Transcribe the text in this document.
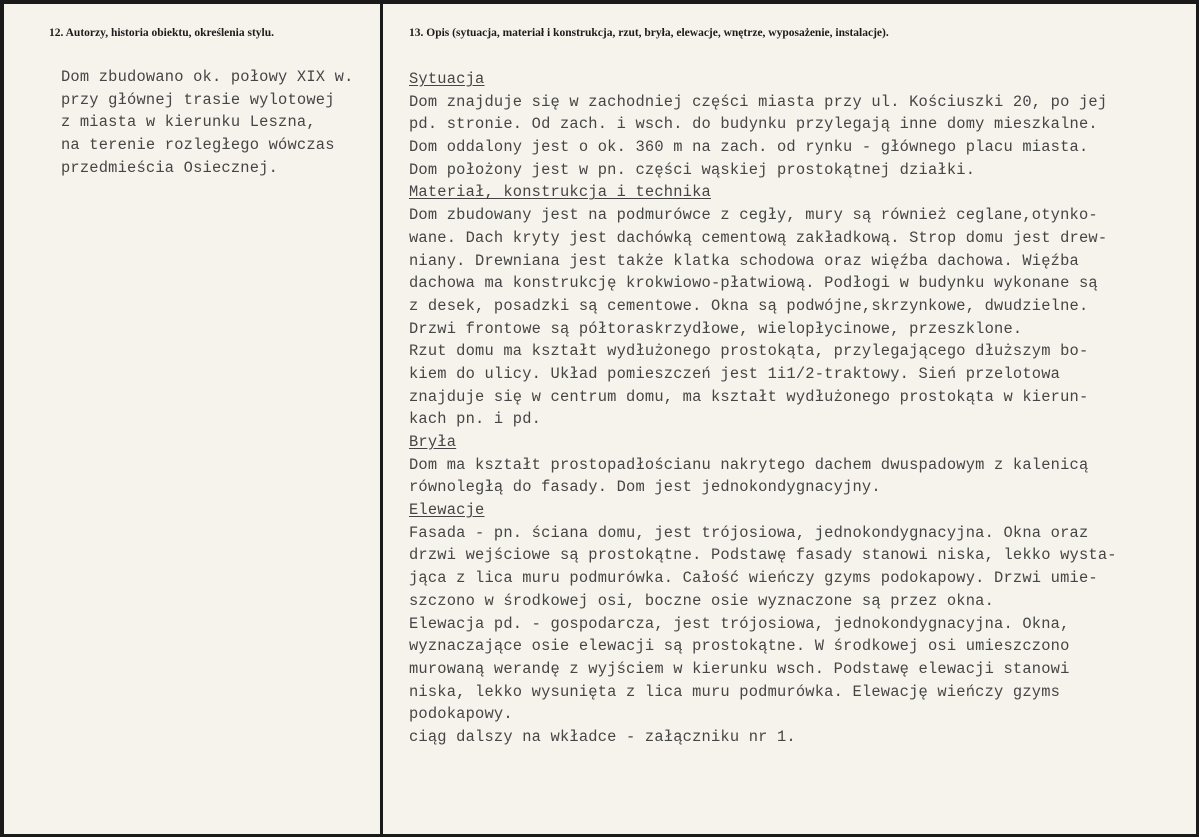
12. Autorzy, historia obiektu, określenia stylu.
Dom zbudowano ok. połowy XIX w.
przy głównej trasie wylotowej
z miasta w kierunku Leszna,
na terenie rozległego wówczas
przedmieścia Osiecznej.
13. Opis (sytuacja, materiał i konstrukcja, rzut, bryła, elewacje, wnętrze, wyposażenie, instalacje).
Sytuacja
Dom znajduje się w zachodniej części miasta przy ul. Kościuszki 20, po jej
pd. stronie. Od zach. i wsch. do budynku przylegają inne domy mieszkalne.
Dom oddalony jest o ok. 360 m na zach. od rynku - głównego placu miasta.
Dom położony jest w pn. części wąskiej prostokątnej działki.
Materiał, konstrukcja i technika
Dom zbudowany jest na podmurówce z cegły, mury są również ceglane,otynko-
wane. Dach kryty jest dachówką cementową zakładkową. Strop domu jest drew-
niany. Drewniana jest także klatka schodowa oraz więźba dachowa. Więźba
dachowa ma konstrukcję krokwiowo-płatwiową. Podłogi w budynku wykonane są
z desek, posadzki są cementowe. Okna są podwójne,skrzynkowe, dwudzielne.
Drzwi frontowe są półtoraskrzydłowe, wielopłycinowe, przeszklone.
Rzut domu ma kształt wydłużonego prostokąta, przylegającego dłuższym bo-
kiem do ulicy. Układ pomieszczeń jest 1i1/2-traktowy. Sień przelotowa
znajduje się w centrum domu, ma kształt wydłużonego prostokąta w kierun-
kach pn. i pd.
Bryła
Dom ma kształt prostopadłościanu nakrytego dachem dwuspadowym z kalenicą
równoległą do fasady. Dom jest jednokondygnacyjny.
Elewacje
Fasada - pn. ściana domu, jest trójosiowa, jednokondygnacyjna. Okna oraz
drzwi wejściowe są prostokątne. Podstawę fasady stanowi niska, lekko wysta-
jąca z lica muru podmurówka. Całość wieńczy gzyms podokapowy. Drzwi umie-
szczono w środkowej osi, boczne osie wyznaczone są przez okna.
Elewacja pd. - gospodarcza, jest trójosiowa, jednokondygnacyjna. Okna,
wyznaczające osie elewacji są prostokątne. W środkowej osi umieszczono
murowaną werandę z wyjściem w kierunku wsch. Podstawę elewacji stanowi
niska, lekko wysunięta z lica muru podmurówka. Elewację wieńczy gzyms
podokapowy.
ciąg dalszy na wkładce - załączniku nr 1.
